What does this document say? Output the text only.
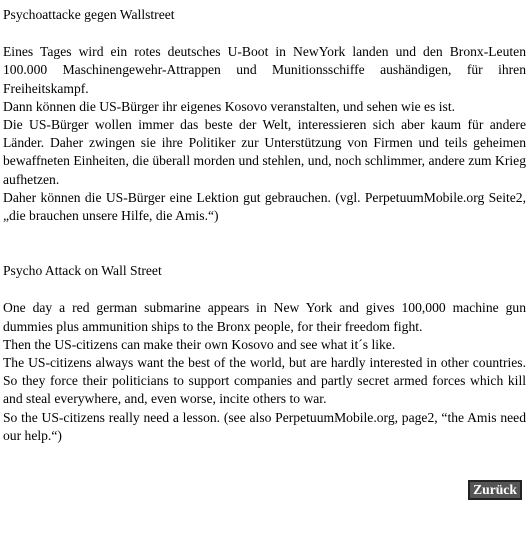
Psychoattacke gegen Wallstreet
Eines Tages wird ein rotes deutsches U-Boot in NewYork landen und den Bronx-Leuten 100.000 Maschinengewehr-Attrappen und Munitionsschiffe aushändigen, für ihren Freiheitskampf.
Dann können die US-Bürger ihr eigenes Kosovo veranstalten, und sehen wie es ist.
Die US-Bürger wollen immer das beste der Welt, interessieren sich aber kaum für andere Länder. Daher zwingen sie ihre Politiker zur Unterstützung von Firmen und teils geheimen bewaffneten Einheiten, die überall morden und stehlen, und, noch schlimmer, andere zum Krieg aufhetzen.
Daher können die US-Bürger eine Lektion gut gebrauchen. (vgl. PerpetuumMobile.org Seite2, „die brauchen unsere Hilfe, die Amis.“)
Psycho Attack on Wall Street
One day a red german submarine appears in New York and gives 100,000 machine gun dummies plus ammunition ships to the Bronx people, for their freedom fight.
Then the US-citizens can make their own Kosovo and see what it´s like.
The US-citizens always want the best of the world, but are hardly interested in other countries. So they force their politicians to support companies and partly secret armed forces which kill and steal everywhere, and, even worse, incite others to war.
So the US-citizens really need a lesson. (see also PerpetuumMobile.org, page2, “the Amis need our help.“)
Zurück
